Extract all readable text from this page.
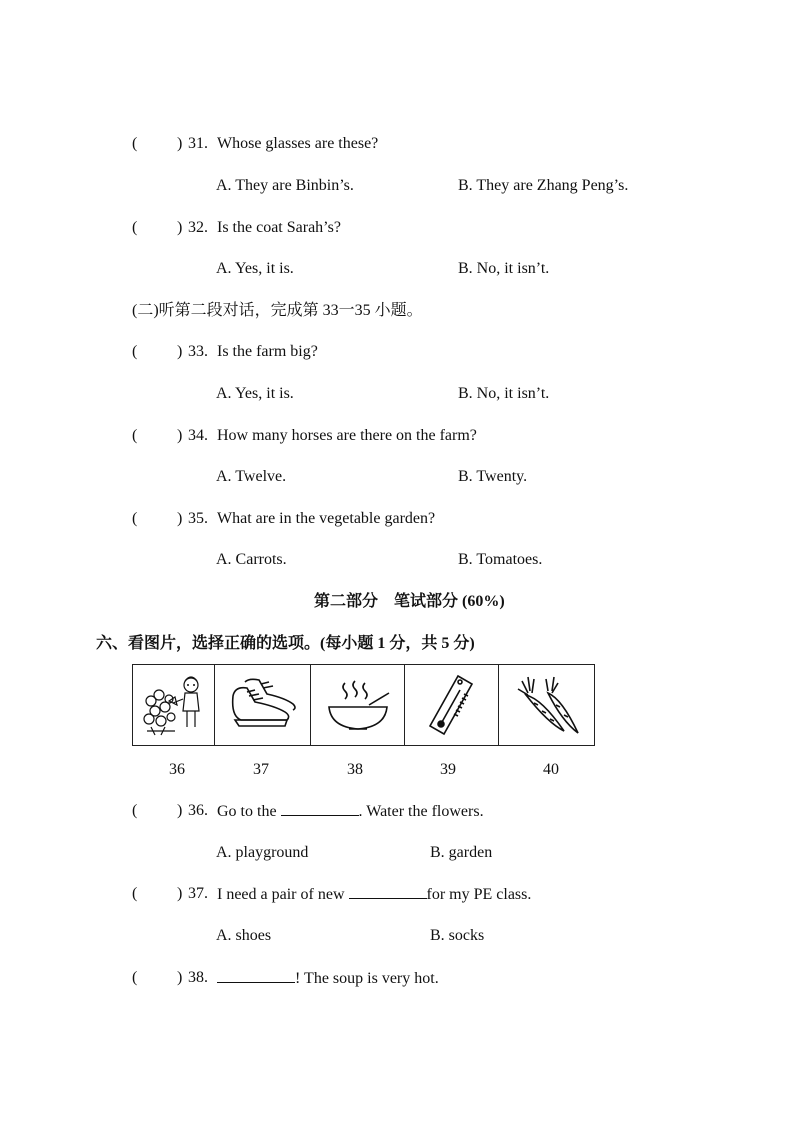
( ) 31. Whose glasses are these?
A. They are Binbin’s.	B. They are Zhang Peng’s.
( ) 32. Is the coat Sarah’s?
A. Yes, it is.	B. No, it isn’t.
(二)听第二段对话，完成第 33一35 小题。
( ) 33. Is the farm big?
A. Yes, it is.	B. No, it isn’t.
( ) 34. How many horses are there on the farm?
A. Twelve.	B. Twenty.
( ) 35. What are in the vegetable garden?
A. Carrots.	B. Tomatoes.
第二部分　笔试部分 (60%)
六、看图片，选择正确的选项。(每小题 1 分，共 5 分)
36	37	38	39	40
( ) 36. Go to the	. Water the flowers.
A. playground	B. garden
( ) 37. I need a pair of new	for my PE class.
A. shoes	B. socks
( ) 38.	! The soup is very hot.
